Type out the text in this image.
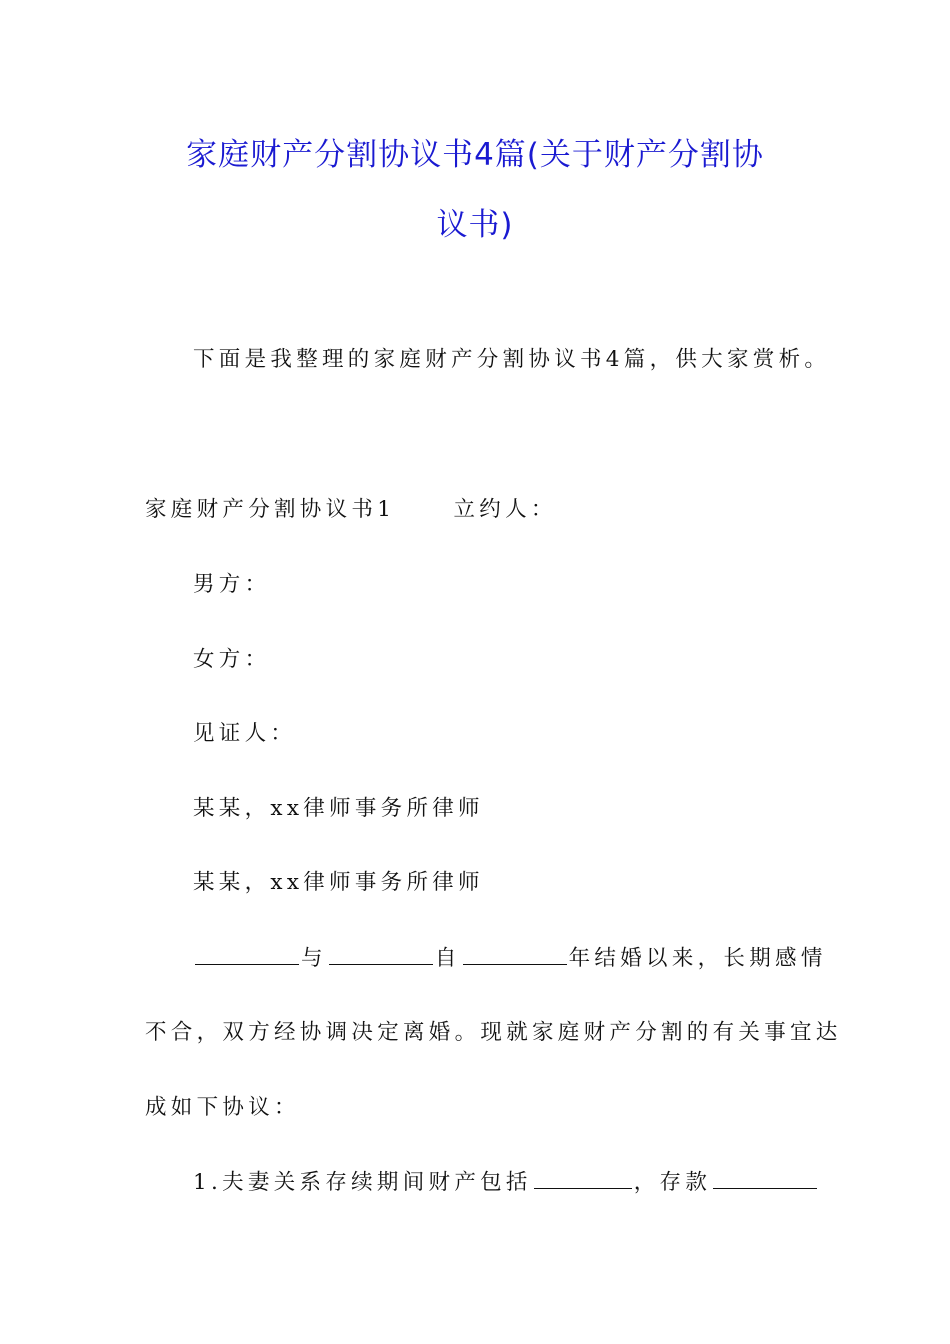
家庭财产分割协议书4篇(关于财产分割协
议书)
下面是我整理的家庭财产分割协议书4篇，供大家赏析。
家庭财产分割协议书1	立约人：
男方：
女方：
见证人：
某某，xx律师事务所律师
某某，xx律师事务所律师
与	自	年结婚以来，长期感情
不合，双方经协调决定离婚。现就家庭财产分割的有关事宜达
成如下协议：
1.夫妻关系存续期间财产包括	，存款
